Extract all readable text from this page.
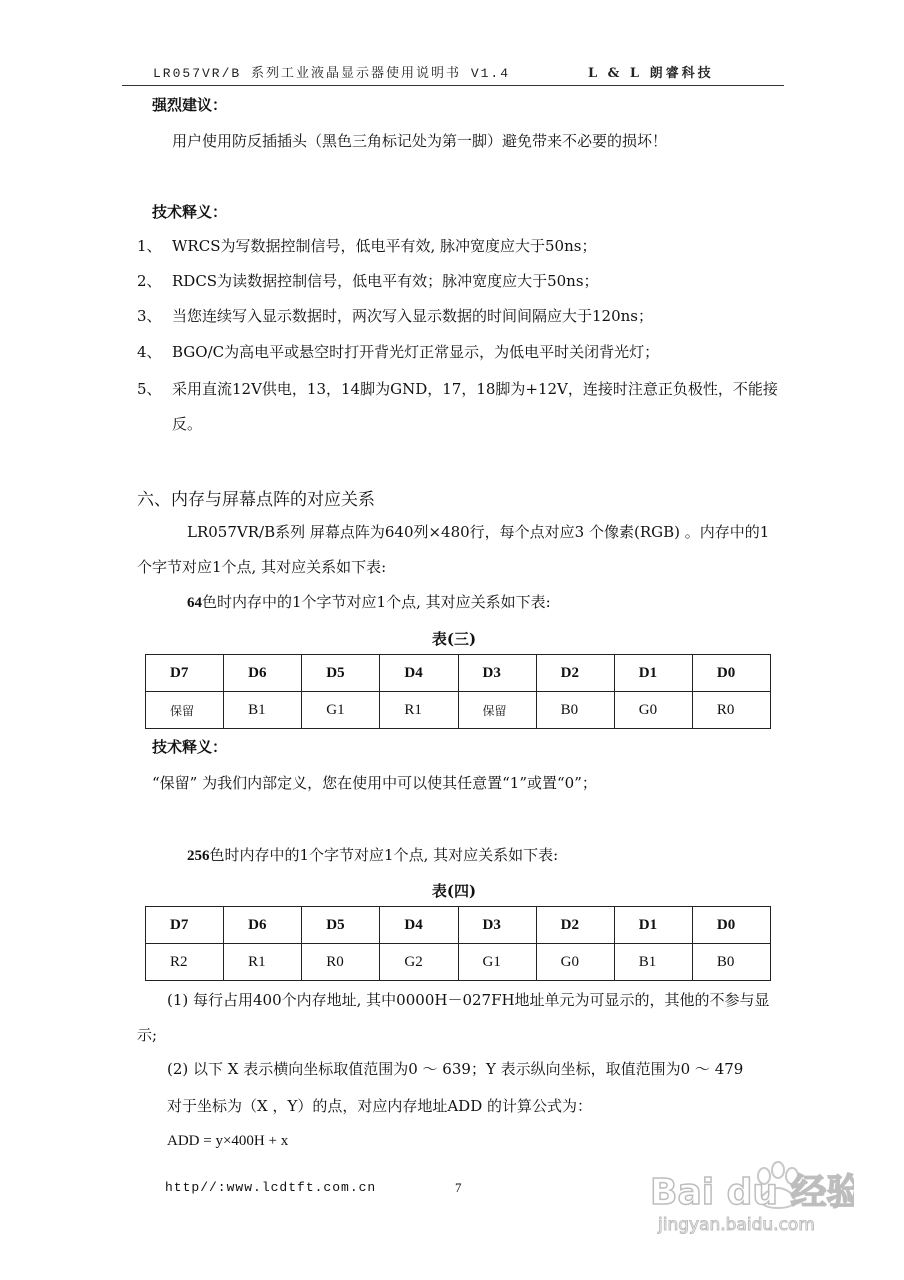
LR057VR/B 系列工业液晶显示器使用说明书 V1.4	L & L 朗睿科技
强烈建议：
用户使用防反插插头（黑色三角标记处为第一脚）避免带来不必要的损坏！
技术释义：
1、 WRCS为写数据控制信号，低电平有效, 脉冲宽度应大于50ns；
2、 RDCS为读数据控制信号，低电平有效；脉冲宽度应大于50ns；
3、 当您连续写入显示数据时，两次写入显示数据的时间间隔应大于120ns；
4、 BGO/C为高电平或悬空时打开背光灯正常显示，为低电平时关闭背光灯；
5、 采用直流12V供电，13，14脚为GND，17，18脚为+12V，连接时注意正负极性，不能接
反。
六、内存与屏幕点阵的对应关系
LR057VR/B系列 屏幕点阵为640列×480行，每个点对应3 个像素(RGB) 。内存中的1
个字节对应1个点, 其对应关系如下表:
64色时内存中的1个字节对应1个点, 其对应关系如下表:
表(三)
D7	D6	D5	D4	D3	D2	D1	D0
保留	B1	G1	R1	保留	B0	G0	R0
技术释义：
“保留” 为我们内部定义，您在使用中可以使其任意置“1”或置“0”；
256色时内存中的1个字节对应1个点, 其对应关系如下表:
表(四)
D7	D6	D5	D4	D3	D2	D1	D0
R2	R1	R0	G2	G1	G0	B1	B0
(1) 每行占用400个内存地址, 其中0000H－027FH地址单元为可显示的，其他的不参与显
示;
(2) 以下 X 表示横向坐标取值范围为0 ～ 639；Y 表示纵向坐标，取值范围为0 ～ 479
对于坐标为（X ，Y）的点，对应内存地址ADD 的计算公式为：
ADD = y×400H + x
http//:www.lcdtft.com.cn	7	Bai du 经验
jingyan.baidu.com
